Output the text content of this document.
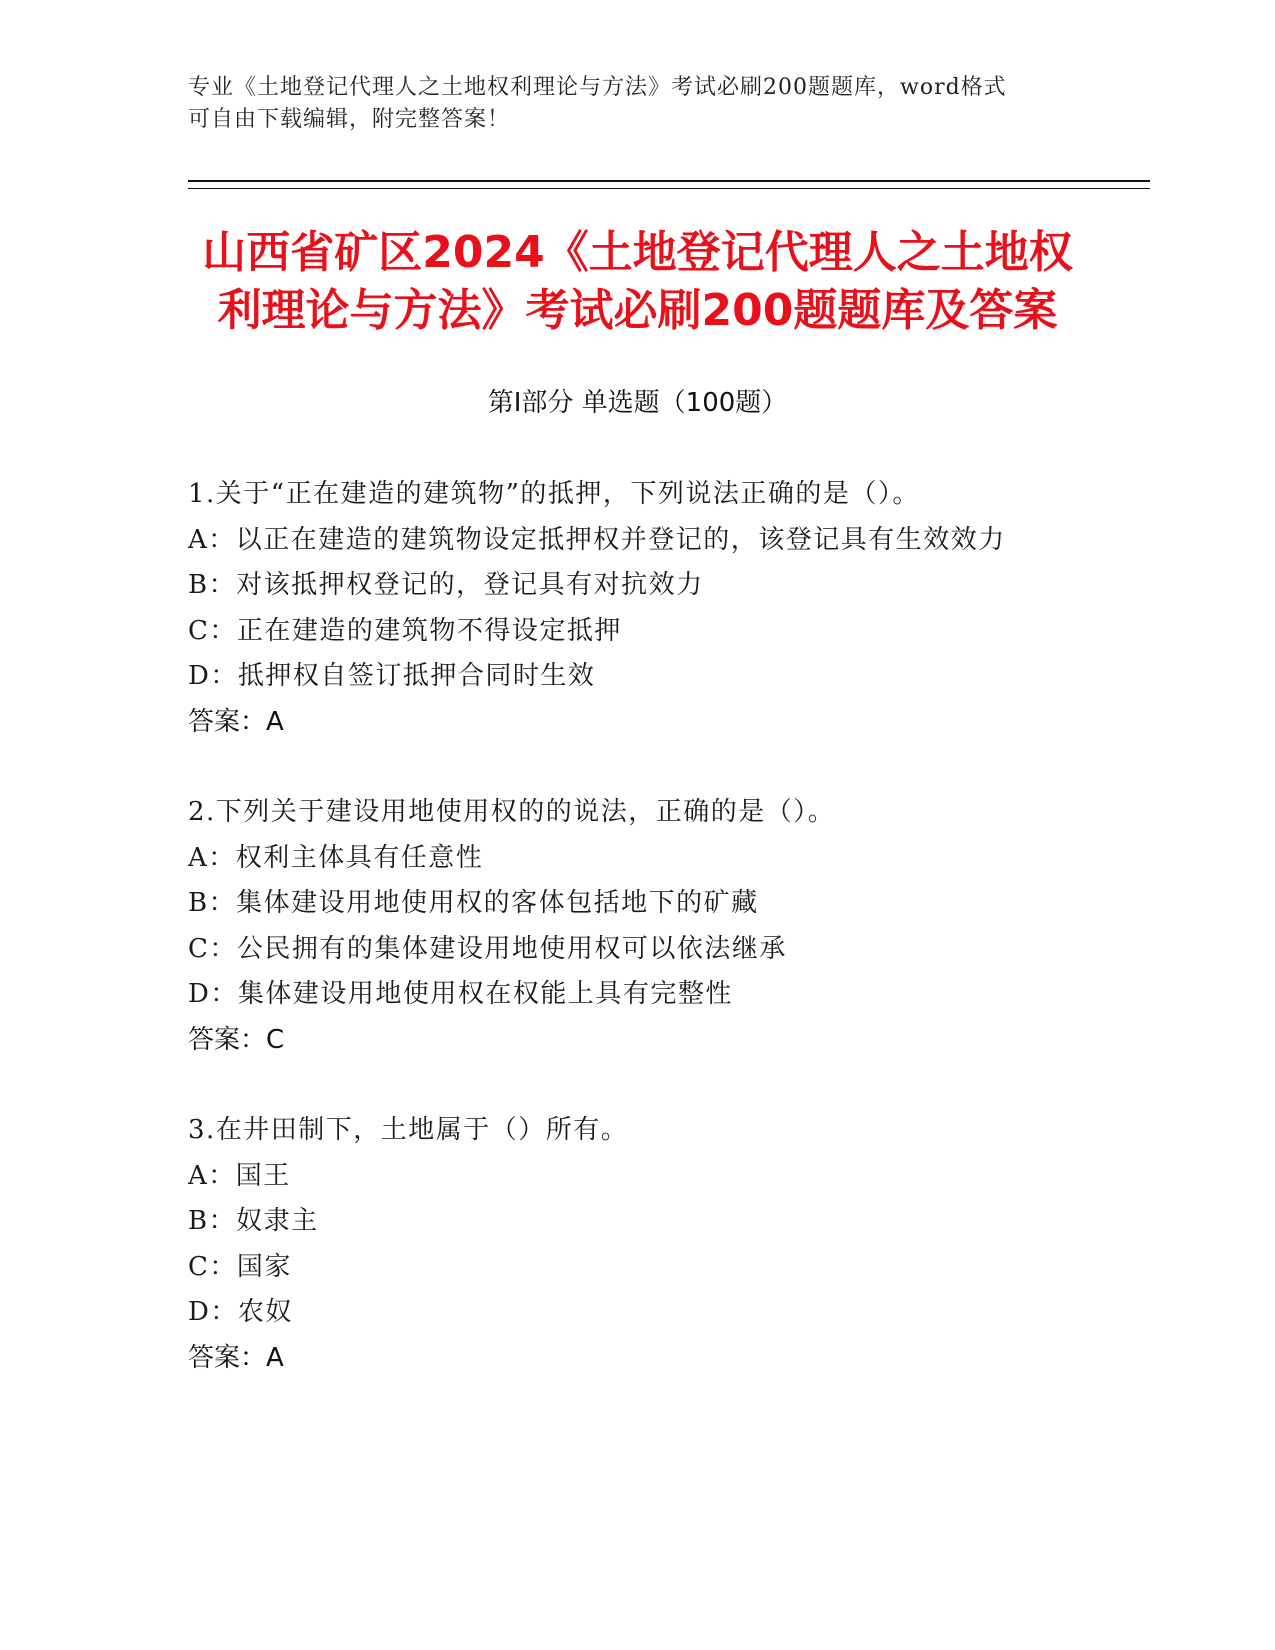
专业《土地登记代理人之土地权利理论与方法》考试必刷200题题库，word格式
可自由下载编辑，附完整答案！
山西省矿区2024《土地登记代理人之土地权
利理论与方法》考试必刷200题题库及答案
第Ⅰ部分 单选题（100题）
1.关于“正在建造的建筑物”的抵押，下列说法正确的是（）。
A：以正在建造的建筑物设定抵押权并登记的，该登记具有生效效力
B：对该抵押权登记的，登记具有对抗效力
C：正在建造的建筑物不得设定抵押
D：抵押权自签订抵押合同时生效
答案：A
2.下列关于建设用地使用权的的说法，正确的是（）。
A：权利主体具有任意性
B：集体建设用地使用权的客体包括地下的矿藏
C：公民拥有的集体建设用地使用权可以依法继承
D：集体建设用地使用权在权能上具有完整性
答案：C
3.在井田制下，土地属于（）所有。
A：国王
B：奴隶主
C：国家
D：农奴
答案：A
